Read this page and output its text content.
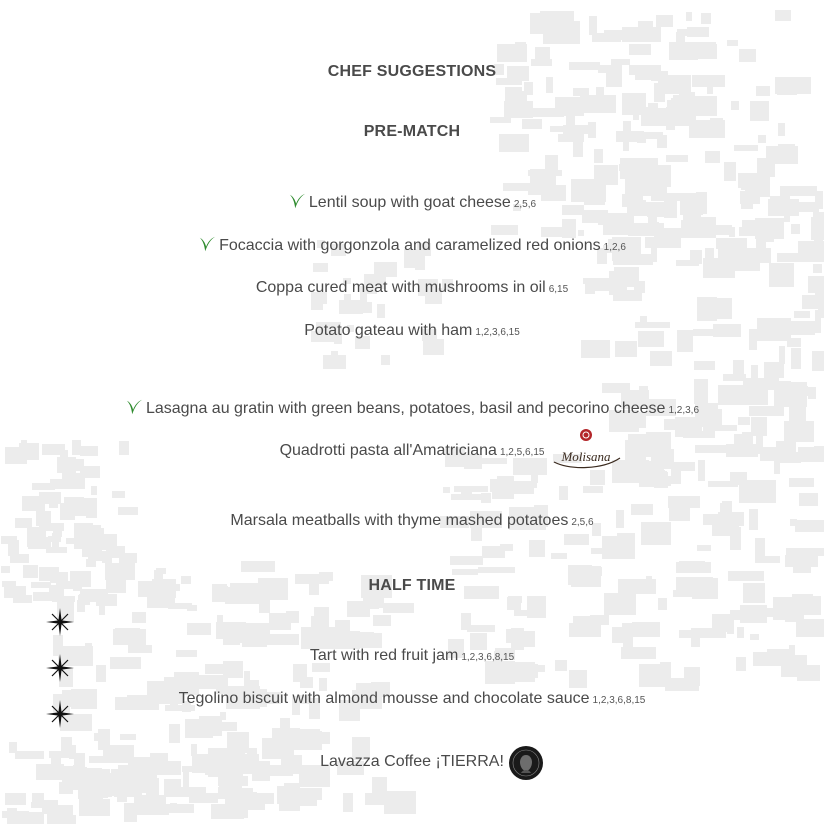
CHEF SUGGESTIONS
PRE-MATCH
Lentil soup with goat cheese 2,5,6
Focaccia with gorgonzola and caramelized red onions 1,2,6
Coppa cured meat with mushrooms in oil 6,15
Potato gateau with ham 1,2,3,6,15
Lasagna au gratin with green beans, potatoes, basil and pecorino cheese 1,2,3,6
Quadrotti pasta all'Amatriciana 1,2,5,6,15
Marsala meatballs with thyme mashed potatoes 2,5,6
HALF TIME
Tart with red fruit jam 1,2,3,6,8,15
Tegolino biscuit with almond mousse and chocolate sauce 1,2,3,6,8,15
Lavazza Coffee ¡TIERRA!
Molisana
